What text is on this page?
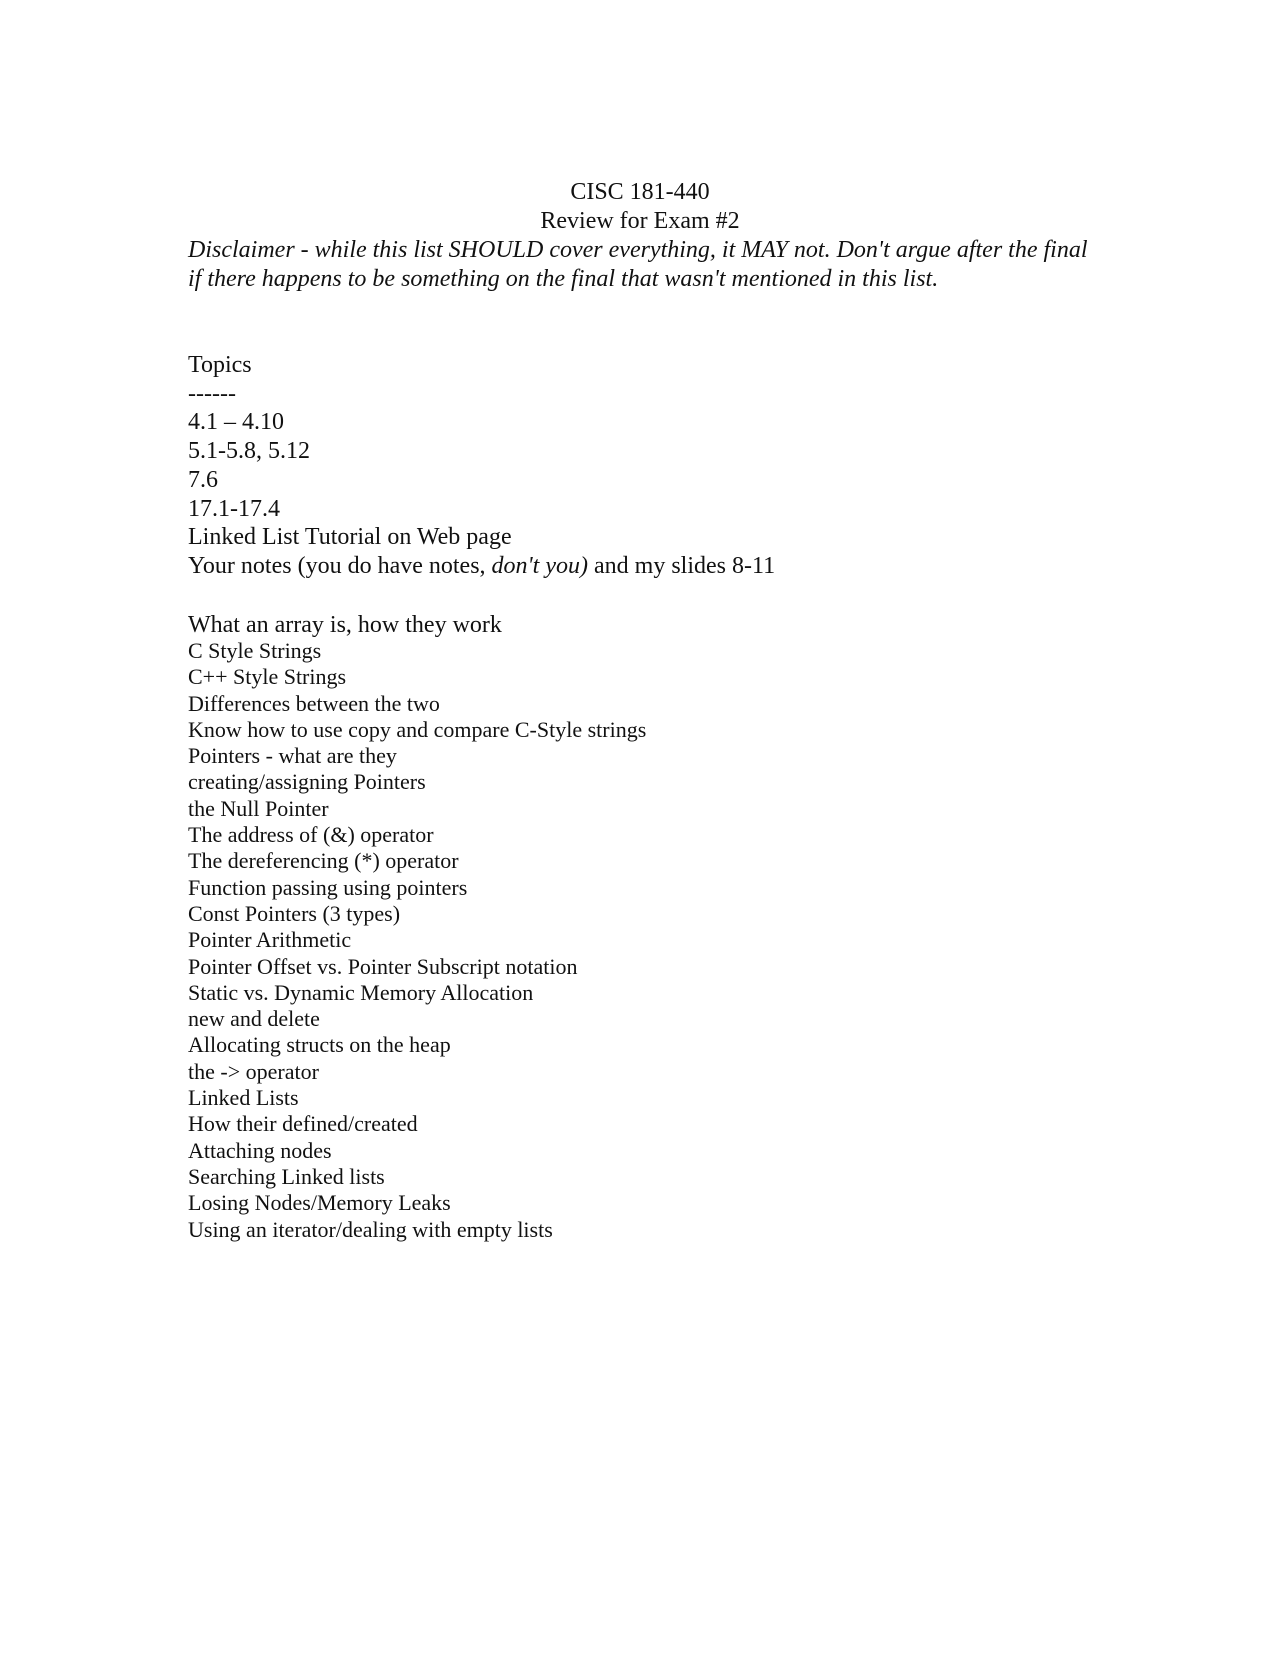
CISC 181-440
Review for Exam #2
Disclaimer - while this list SHOULD cover everything, it MAY not. Don't argue after the final if there happens to be something on the final that wasn't mentioned in this list.
Topics
------
4.1 – 4.10
5.1-5.8, 5.12
7.6
17.1-17.4
Linked List Tutorial on Web page
Your notes (you do have notes, don't you) and my slides 8-11
What an array is, how they work
C Style Strings
C++ Style Strings
Differences between the two
Know how to use copy and compare C-Style strings
Pointers - what are they
creating/assigning Pointers
the Null Pointer
The address of (&) operator
The dereferencing (*) operator
Function passing using pointers
Const Pointers (3 types)
Pointer Arithmetic
Pointer Offset vs. Pointer Subscript notation
Static vs. Dynamic Memory Allocation
new and delete
Allocating structs on the heap
the -> operator
Linked Lists
How their defined/created
Attaching nodes
Searching Linked lists
Losing Nodes/Memory Leaks
Using an iterator/dealing with empty lists
